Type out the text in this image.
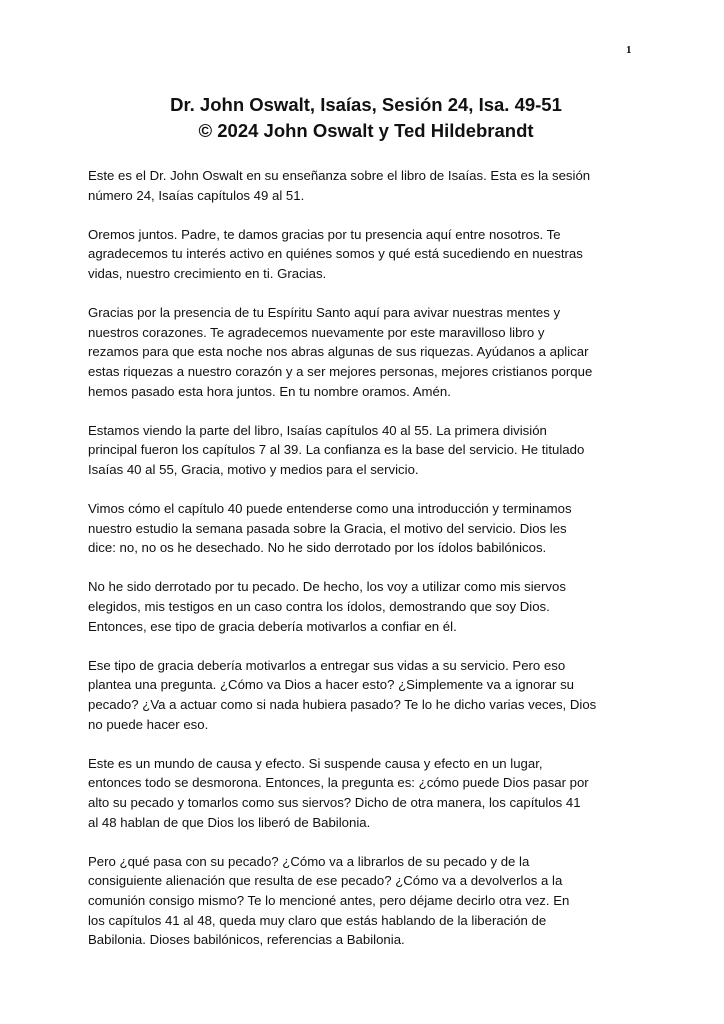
1
Dr. John Oswalt, Isaías, Sesión 24, Isa. 49-51
© 2024 John Oswalt y Ted Hildebrandt

Este es el Dr. John Oswalt en su enseñanza sobre el libro de Isaías. Esta es la sesión
número 24, Isaías capítulos 49 al 51.

Oremos juntos. Padre, te damos gracias por tu presencia aquí entre nosotros. Te
agradecemos tu interés activo en quiénes somos y qué está sucediendo en nuestras
vidas, nuestro crecimiento en ti. Gracias.

Gracias por la presencia de tu Espíritu Santo aquí para avivar nuestras mentes y
nuestros corazones. Te agradecemos nuevamente por este maravilloso libro y
rezamos para que esta noche nos abras algunas de sus riquezas. Ayúdanos a aplicar
estas riquezas a nuestro corazón y a ser mejores personas, mejores cristianos porque
hemos pasado esta hora juntos. En tu nombre oramos. Amén.

Estamos viendo la parte del libro, Isaías capítulos 40 al 55. La primera división
principal fueron los capítulos 7 al 39. La confianza es la base del servicio. He titulado
Isaías 40 al 55, Gracia, motivo y medios para el servicio.

Vimos cómo el capítulo 40 puede entenderse como una introducción y terminamos
nuestro estudio la semana pasada sobre la Gracia, el motivo del servicio. Dios les
dice: no, no os he desechado. No he sido derrotado por los ídolos babilónicos.

No he sido derrotado por tu pecado. De hecho, los voy a utilizar como mis siervos
elegidos, mis testigos en un caso contra los ídolos, demostrando que soy Dios.
Entonces, ese tipo de gracia debería motivarlos a confiar en él.

Ese tipo de gracia debería motivarlos a entregar sus vidas a su servicio. Pero eso
plantea una pregunta. ¿Cómo va Dios a hacer esto? ¿Simplemente va a ignorar su
pecado? ¿Va a actuar como si nada hubiera pasado? Te lo he dicho varias veces, Dios
no puede hacer eso.

Este es un mundo de causa y efecto. Si suspende causa y efecto en un lugar,
entonces todo se desmorona. Entonces, la pregunta es: ¿cómo puede Dios pasar por
alto su pecado y tomarlos como sus siervos? Dicho de otra manera, los capítulos 41
al 48 hablan de que Dios los liberó de Babilonia.

Pero ¿qué pasa con su pecado? ¿Cómo va a librarlos de su pecado y de la
consiguiente alienación que resulta de ese pecado? ¿Cómo va a devolverlos a la
comunión consigo mismo? Te lo mencioné antes, pero déjame decirlo otra vez. En
los capítulos 41 al 48, queda muy claro que estás hablando de la liberación de
Babilonia. Dioses babilónicos, referencias a Babilonia.
